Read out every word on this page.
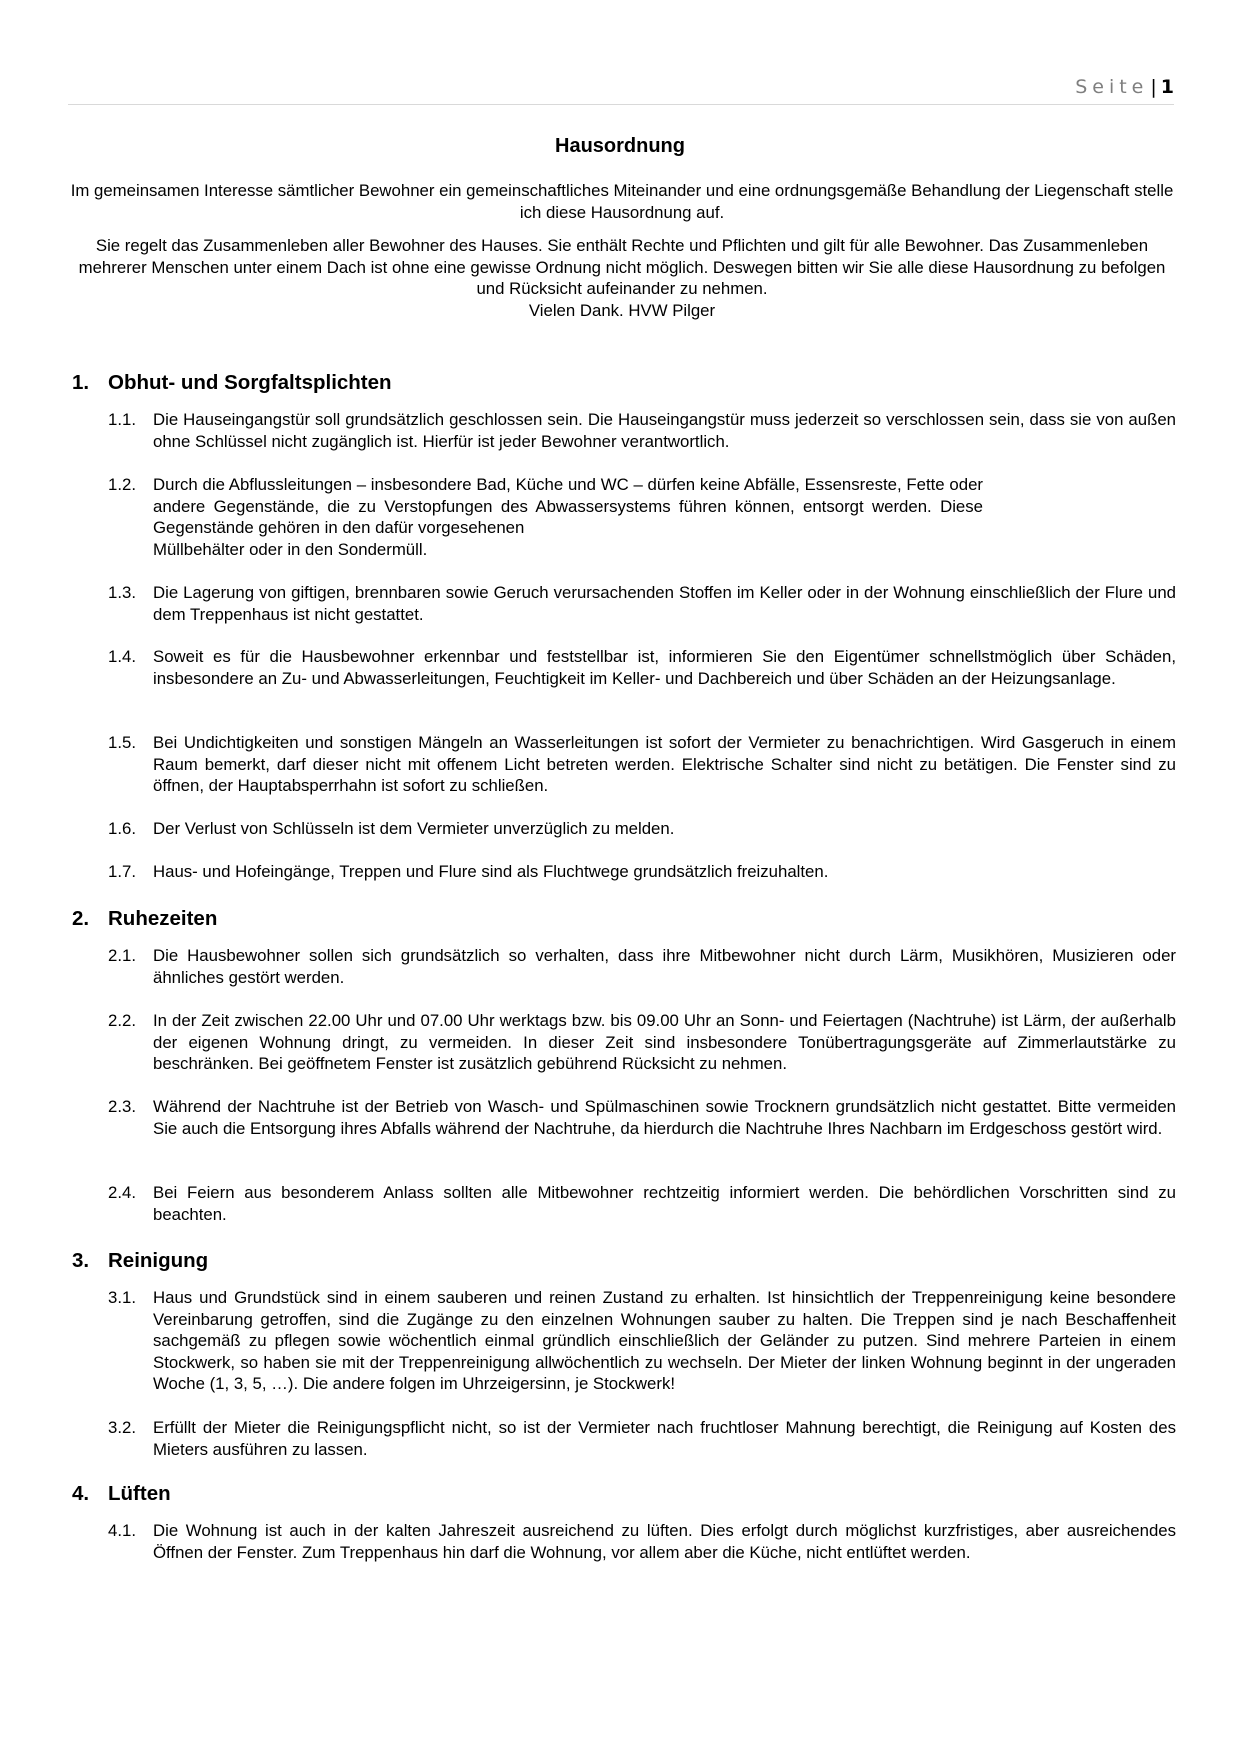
Seite | 1
Hausordnung

Im gemeinsamen Interesse sämtlicher Bewohner ein gemeinschaftliches Miteinander und eine ordnungsgemäße Behandlung der Liegenschaft stelle ich diese Hausordnung auf.

Sie regelt das Zusammenleben aller Bewohner des Hauses. Sie enthält Rechte und Pflichten und gilt für alle Bewohner. Das Zusammenleben mehrerer Menschen unter einem Dach ist ohne eine gewisse Ordnung nicht möglich. Deswegen bitten wir Sie alle diese Hausordnung zu befolgen und Rücksicht aufeinander zu nehmen.

Vielen Dank. HVW Pilger

1. Obhut- und Sorgfaltsplichten
1.1.	Die Hauseingangstür soll grundsätzlich geschlossen sein. Die Hauseingangstür muss jederzeit so verschlossen sein, dass sie von außen ohne Schlüssel nicht zugänglich ist. Hierfür ist jeder Bewohner verantwortlich.
1.2.	Durch die Abflussleitungen – insbesondere Bad, Küche und WC – dürfen keine Abfälle, Essensreste, Fette oder andere Gegenstände, die zu Verstopfungen des Abwassersystems führen können, entsorgt werden. Diese Gegenstände gehören in den dafür vorgesehenen
Müllbehälter oder in den Sondermüll.
1.3.	Die Lagerung von giftigen, brennbaren sowie Geruch verursachenden Stoffen im Keller oder in der Wohnung einschließlich der Flure und dem Treppenhaus ist nicht gestattet.
1.4.	Soweit es für die Hausbewohner erkennbar und feststellbar ist, informieren Sie den Eigentümer schnellstmöglich über Schäden, insbesondere an Zu- und Abwasserleitungen, Feuchtigkeit im Keller- und Dachbereich und über Schäden an der Heizungsanlage.
1.5.	Bei Undichtigkeiten und sonstigen Mängeln an Wasserleitungen ist sofort der Vermieter zu benachrichtigen. Wird Gasgeruch in einem Raum bemerkt, darf dieser nicht mit offenem Licht betreten werden. Elektrische Schalter sind nicht zu betätigen. Die Fenster sind zu öffnen, der Hauptabsperrhahn ist sofort zu schließen.
1.6.	Der Verlust von Schlüsseln ist dem Vermieter unverzüglich zu melden.
1.7.	Haus- und Hofeingänge, Treppen und Flure sind als Fluchtwege grundsätzlich freizuhalten.
2. Ruhezeiten
2.1.	Die Hausbewohner sollen sich grundsätzlich so verhalten, dass ihre Mitbewohner nicht durch Lärm, Musikhören, Musizieren oder ähnliches gestört werden.
2.2.	In der Zeit zwischen 22.00 Uhr und 07.00 Uhr werktags bzw. bis 09.00 Uhr an Sonn- und Feiertagen (Nachtruhe) ist Lärm, der außerhalb der eigenen Wohnung dringt, zu vermeiden. In dieser Zeit sind insbesondere Tonübertragungsgeräte auf Zimmerlautstärke zu beschränken. Bei geöffnetem Fenster ist zusätzlich gebührend Rücksicht zu nehmen.
2.3.	Während der Nachtruhe ist der Betrieb von Wasch- und Spülmaschinen sowie Trocknern grundsätzlich nicht gestattet. Bitte vermeiden Sie auch die Entsorgung ihres Abfalls während der Nachtruhe, da hierdurch die Nachtruhe Ihres Nachbarn im Erdgeschoss gestört wird.
2.4.	Bei Feiern aus besonderem Anlass sollten alle Mitbewohner rechtzeitig informiert werden. Die behördlichen Vorschritten sind zu beachten.
3. Reinigung
3.1.	Haus und Grundstück sind in einem sauberen und reinen Zustand zu erhalten. Ist hinsichtlich der Treppenreinigung keine besondere Vereinbarung getroffen, sind die Zugänge zu den einzelnen Wohnungen sauber zu halten. Die Treppen sind je nach Beschaffenheit sachgemäß zu pflegen sowie wöchentlich einmal gründlich einschließlich der Geländer zu putzen. Sind mehrere Parteien in einem Stockwerk, so haben sie mit der Treppenreinigung allwöchentlich zu wechseln. Der Mieter der linken Wohnung beginnt in der ungeraden Woche (1, 3, 5, …). Die andere folgen im Uhrzeigersinn, je Stockwerk!
3.2.	Erfüllt der Mieter die Reinigungspflicht nicht, so ist der Vermieter nach fruchtloser Mahnung berechtigt, die Reinigung auf Kosten des Mieters ausführen zu lassen.
4. Lüften
4.1.	Die Wohnung ist auch in der kalten Jahreszeit ausreichend zu lüften. Dies erfolgt durch möglichst kurzfristiges, aber ausreichendes Öffnen der Fenster. Zum Treppenhaus hin darf die Wohnung, vor allem aber die Küche, nicht entlüftet werden.
